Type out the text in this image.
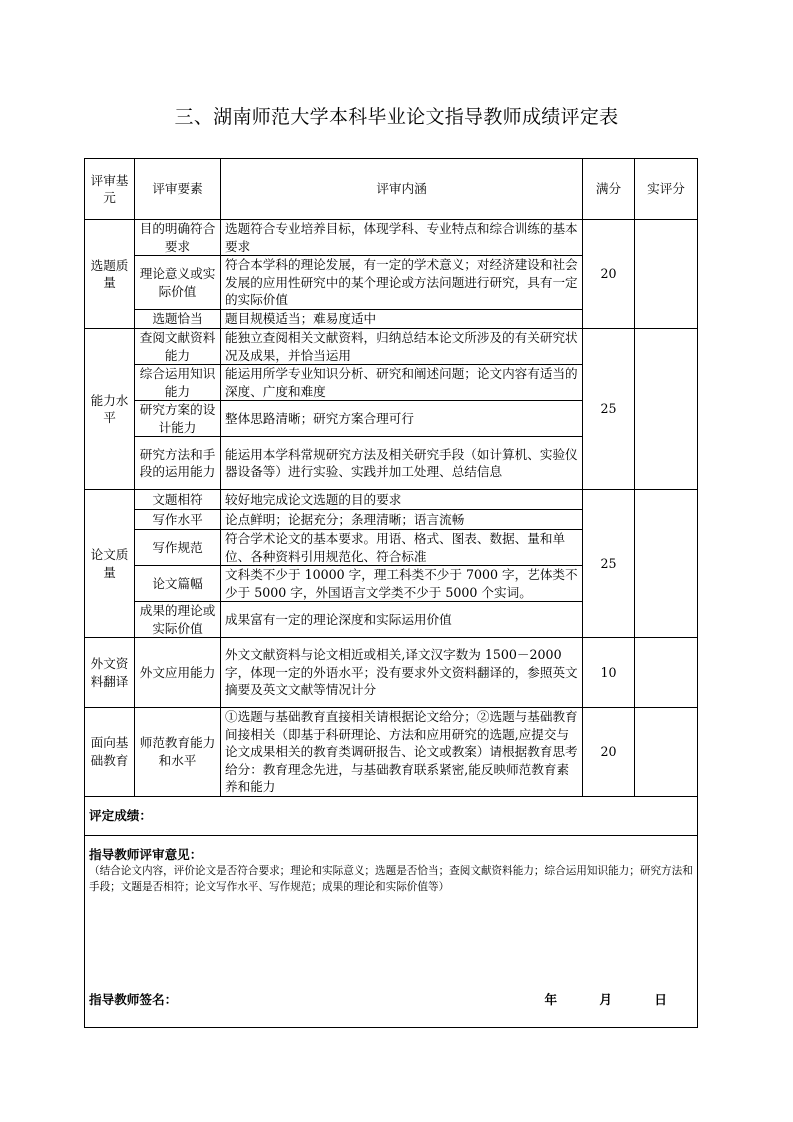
三、湖南师范大学本科毕业论文指导教师成绩评定表
评审基元	评审要素	评审内涵	满分	实评分
选题质量	目的明确符合要求	选题符合专业培养目标，体现学科、专业特点和综合训练的基本要求	20	
	理论意义或实际价值	符合本学科的理论发展，有一定的学术意义；对经济建设和社会发展的应用性研究中的某个理论或方法问题进行研究，具有一定的实际价值		
	选题恰当	题目规模适当；难易度适中		
能力水平	查阅文献资料能力	能独立查阅相关文献资料，归纳总结本论文所涉及的有关研究状况及成果，并恰当运用	25	
	综合运用知识能力	能运用所学专业知识分析、研究和阐述问题；论文内容有适当的深度、广度和难度		
	研究方案的设计能力	整体思路清晰；研究方案合理可行		
	研究方法和手段的运用能力	能运用本学科常规研究方法及相关研究手段（如计算机、实验仪器设备等）进行实验、实践并加工处理、总结信息		
论文质量	文题相符	较好地完成论文选题的目的要求	25	
	写作水平	论点鲜明；论据充分；条理清晰；语言流畅		
	写作规范	符合学术论文的基本要求。用语、格式、图表、数据、量和单位、各种资料引用规范化、符合标准		
	论文篇幅	文科类不少于 10000 字，理工科类不少于 7000 字，艺体类不少于 5000 字，外国语言文学类不少于 5000 个实词。		
	成果的理论或实际价值	成果富有一定的理论深度和实际运用价值		
外文资料翻译	外文应用能力	外文文献资料与论文相近或相关,译文汉字数为 1500－2000 字，体现一定的外语水平；没有要求外文资料翻译的，参照英文摘要及英文文献等情况计分	10	
面向基础教育	师范教育能力和水平	①选题与基础教育直接相关请根据论文给分；②选题与基础教育间接相关（即基于科研理论、方法和应用研究的选题,应提交与论文成果相关的教育类调研报告、论文或教案）请根据教育思考给分：教育理念先进，与基础教育联系紧密,能反映师范教育素养和能力	20	
评定成绩：				
指导教师评审意见：
（结合论文内容，评价论文是否符合要求；理论和实际意义；选题是否恰当；查阅文献资料能力；综合运用知识能力；研究方法和手段；文题是否相符；论文写作水平、写作规范；成果的理论和实际价值等）
指导教师签名： 年 月 日				
